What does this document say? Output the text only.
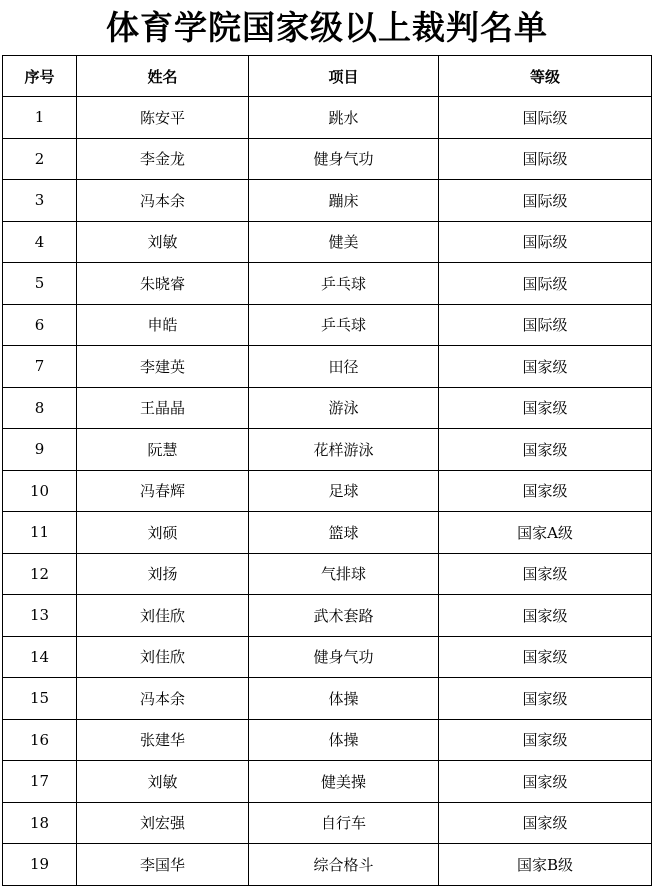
体育学院国家级以上裁判名单
序号	姓名	项目	等级
1	陈安平	跳水	国际级
2	李金龙	健身气功	国际级
3	冯本余	蹦床	国际级
4	刘敏	健美	国际级
5	朱晓睿	乒乓球	国际级
6	申皓	乒乓球	国际级
7	李建英	田径	国家级
8	王晶晶	游泳	国家级
9	阮慧	花样游泳	国家级
10	冯春辉	足球	国家级
11	刘硕	篮球	国家A级
12	刘扬	气排球	国家级
13	刘佳欣	武术套路	国家级
14	刘佳欣	健身气功	国家级
15	冯本余	体操	国家级
16	张建华	体操	国家级
17	刘敏	健美操	国家级
18	刘宏强	自行车	国家级
19	李国华	综合格斗	国家B级
